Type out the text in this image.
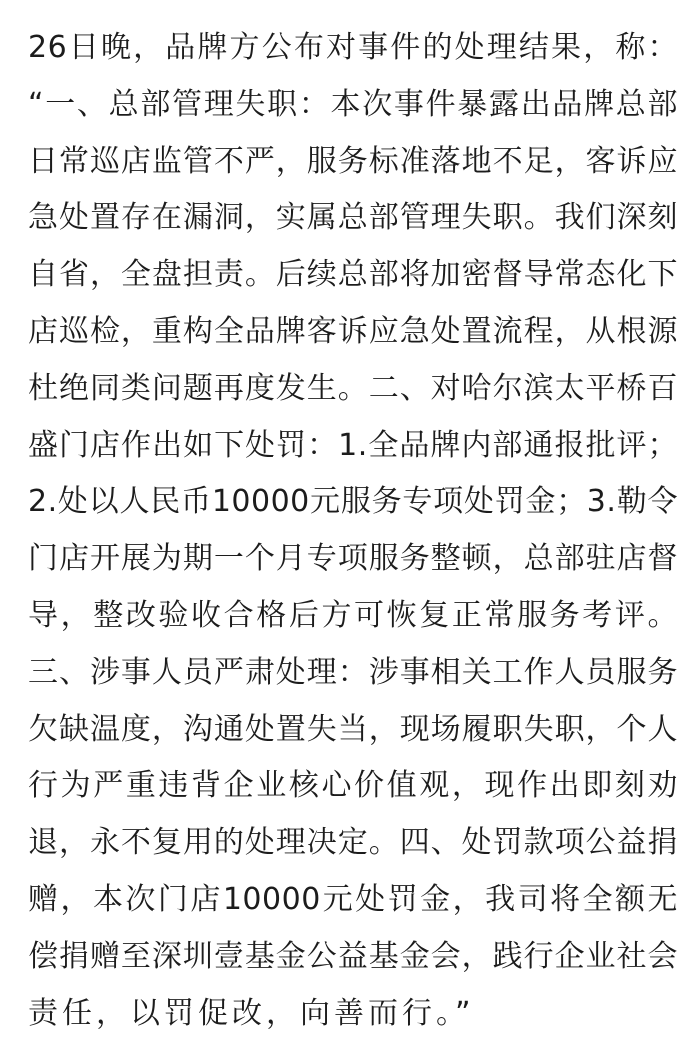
26日晚，品牌方公布对事件的处理结果，称：
“一、总部管理失职：本次事件暴露出品牌总部
日常巡店监管不严，服务标准落地不足，客诉应
急处置存在漏洞，实属总部管理失职。我们深刻
自省，全盘担责。后续总部将加密督导常态化下
店巡检，重构全品牌客诉应急处置流程，从根源
杜绝同类问题再度发生。二、对哈尔滨太平桥百
盛门店作出如下处罚：1.全品牌内部通报批评；
2.处以人民币10000元服务专项处罚金；3.勒令
门店开展为期一个月专项服务整顿，总部驻店督
导，整改验收合格后方可恢复正常服务考评。
三、涉事人员严肃处理：涉事相关工作人员服务
欠缺温度，沟通处置失当，现场履职失职，个人
行为严重违背企业核心价值观，现作出即刻劝
退，永不复用的处理决定。四、处罚款项公益捐
赠，本次门店10000元处罚金，我司将全额无
偿捐赠至深圳壹基金公益基金会，践行企业社会
责任，以罚促改，向善而行。”
